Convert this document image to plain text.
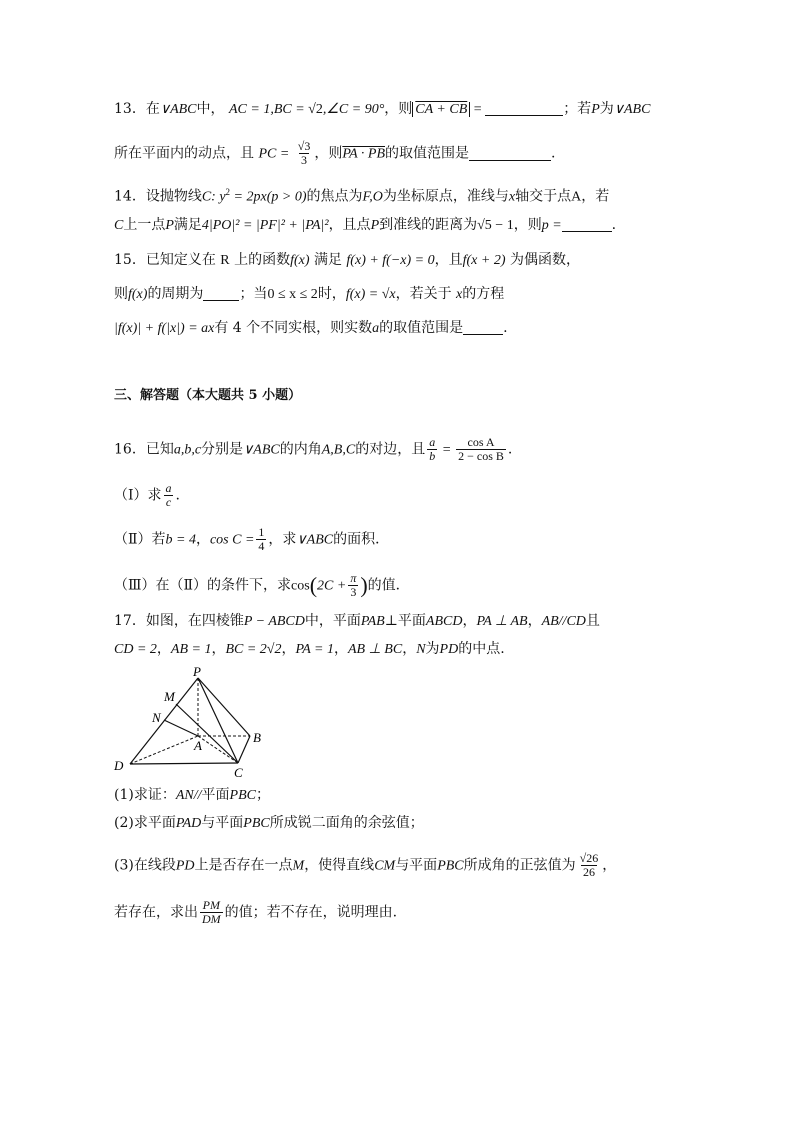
13．在∨ABC中， AC = 1,BC = √2,∠C = 90°，则 CA + CB =	；若P为∨ABC
所在平面内的动点，且 PC = $\frac{√3}{3}$ ，则PA · PB的取值范围是	.
14．设抛物线C: $y^2 = 2px(p > 0)$的焦点为F,O为坐标原点，准线与x轴交于点A，若
C上一点P满足4|PO|² = |PF|² + |PA|²，且点P到准线的距离为√5 − 1，则p =	.
15．已知定义在 R 上的函数f(x) 满足 f(x) + f(−x) = 0，且f(x + 2) 为偶函数，
则f(x)的周期为	；当0 ≤ x ≤ 2时，f(x) = √x，若关于 x的方程
|f(x)| + f(|x|) = ax有 4 个不同实根，则实数a的取值范围是	.
三、解答题（本大题共 5 小题）
16．已知a,b,c分别是∨ABC的内角A,B,C的对边，且 $\frac{a}{b} = \frac{\text{cos A}}{\text{2 − cos B}}$ .
（Ⅰ）求 $\frac{a}{c}$ .
（Ⅱ）若b = 4，$\cos C = \frac{1}{4}$ ，求∨ABC的面积．
（Ⅲ）在（Ⅱ）的条件下，求$\cos(2C + \frac{\pi}{3}$ )的值．
17．如图，在四棱锥P − ABCD中，平面PAB⊥平面ABCD，PA ⊥ AB，AB//CD且
CD = 2，AB = 1，BC = 2√2，PA = 1，AB ⊥ BC，N为PD的中点.
P
M
N
A
B
D	C
(1)求证：AN//平面PBC；
(2)求平面PAD与平面PBC所成锐二面角的余弦值；
(3)在线段PD上是否存在一点M，使得直线CM与平面PBC所成角的正弦值为 $\frac{√26}{26}$ ，
若存在，求出 $\frac{PM}{DM}$ 的值；若不存在，说明理由.
